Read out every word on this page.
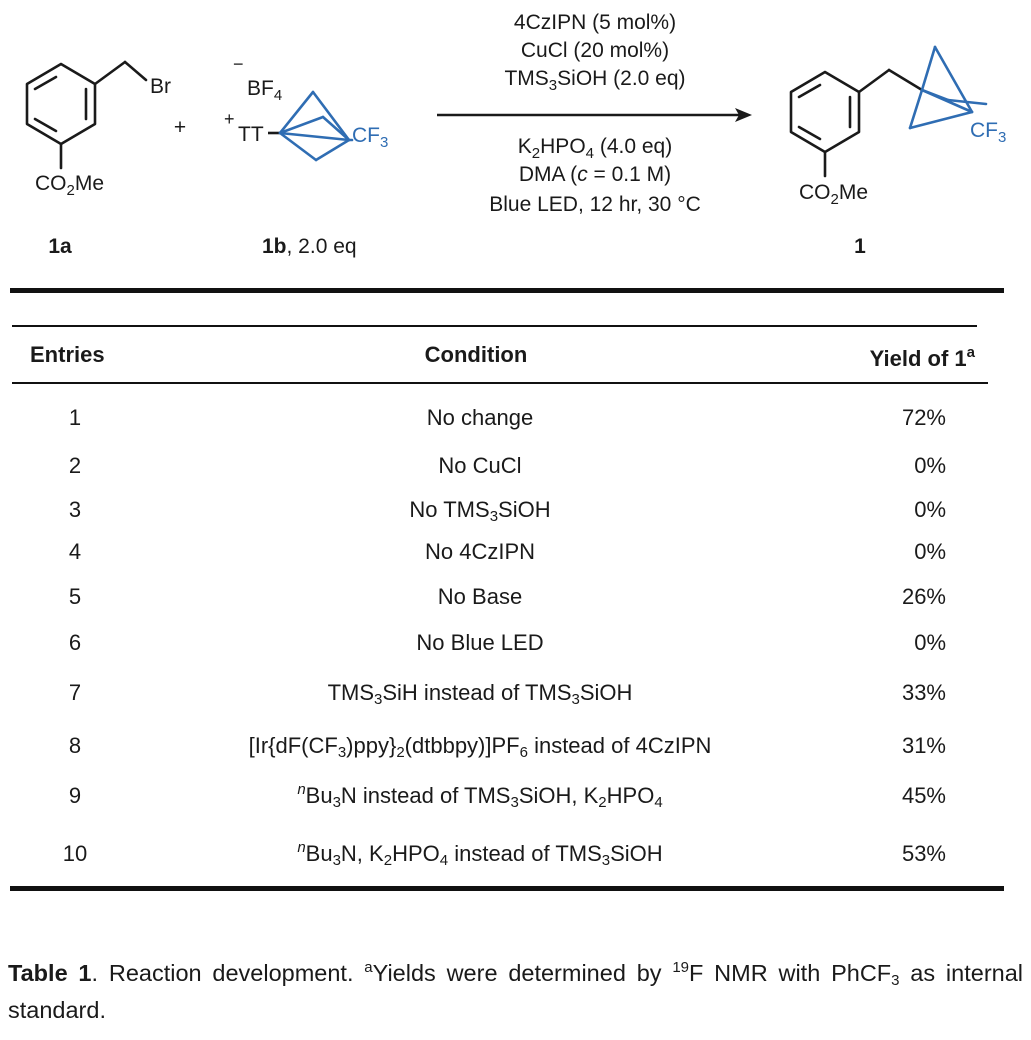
Br
$CO_2Me$
1a
+
−
$BF_4$
+
TT	$CF_3$
1b, 2.0 eq
4CzIPN (5 mol%)
CuCl (20 mol%)
$TMS_3SiOH$ (2.0 eq)
$K_2HPO_4$ (4.0 eq)
DMA (c = 0.1 M)
Blue LED, 12 hr, 30 °C
$CF_3$
$CO_2Me$
1
Entries	Condition	Yield of 1$^a$
1	No change	72%
2	No CuCl	0%
3	No $TMS_3SiOH$	0%
4	No 4CzIPN	0%
5	No Base	26%
6	No Blue LED	0%
7	$TMS_3SiH$ instead of $TMS_3SiOH$	33%
8	$[Ir\{dF(CF_3)ppy\}_2(dtbbpy)]PF_6$ instead of 4CzIPN	31%
9	$^nBu_3N$ instead of $TMS_3SiOH$, $K_2HPO_4$	45%
10	$^nBu_3N$, $K_2HPO_4$ instead of $TMS_3SiOH$	53%
Table 1. Reaction development. $^a$Yields were determined by $^{19}$F NMR with PhCF$_3$ as internal standard.
